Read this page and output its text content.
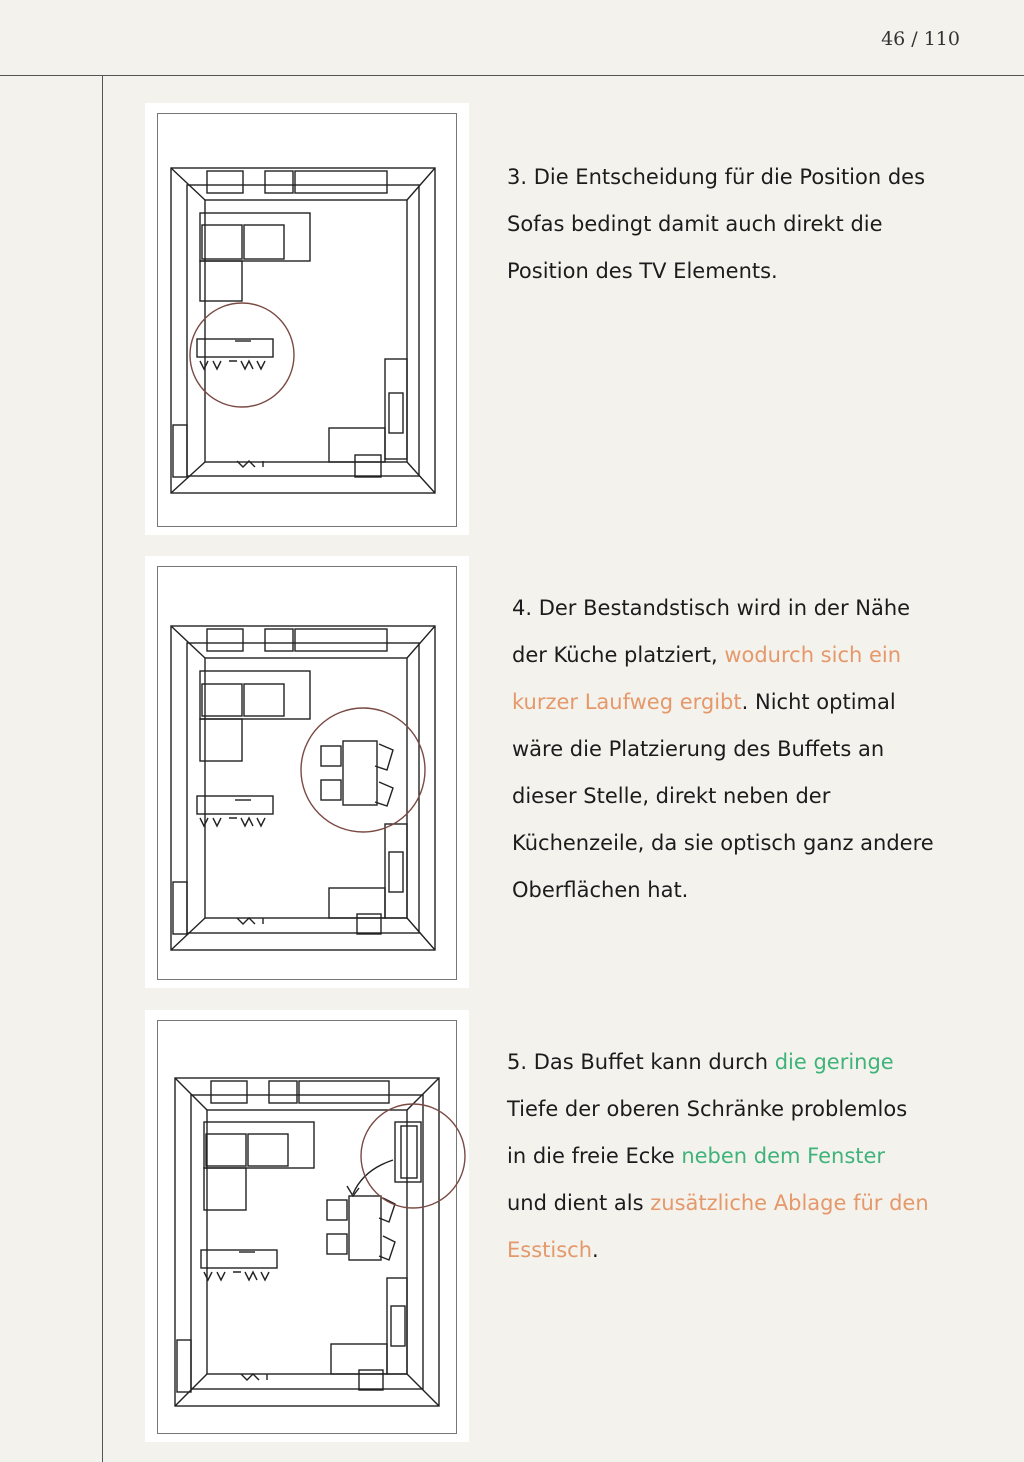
46 / 110

3. Die Entscheidung für die Position des
Sofas bedingt damit auch direkt die
Position des TV Elements.

4. Der Bestandstisch wird in der Nähe
der Küche platziert, wodurch sich ein
kurzer Laufweg ergibt. Nicht optimal
wäre die Platzierung des Buffets an
dieser Stelle, direkt neben der
Küchenzeile, da sie optisch ganz andere
Oberflächen hat.

5. Das Buffet kann durch die geringe
Tiefe der oberen Schränke problemlos
in die freie Ecke neben dem Fenster
und dient als zusätzliche Ablage für den
Esstisch.
